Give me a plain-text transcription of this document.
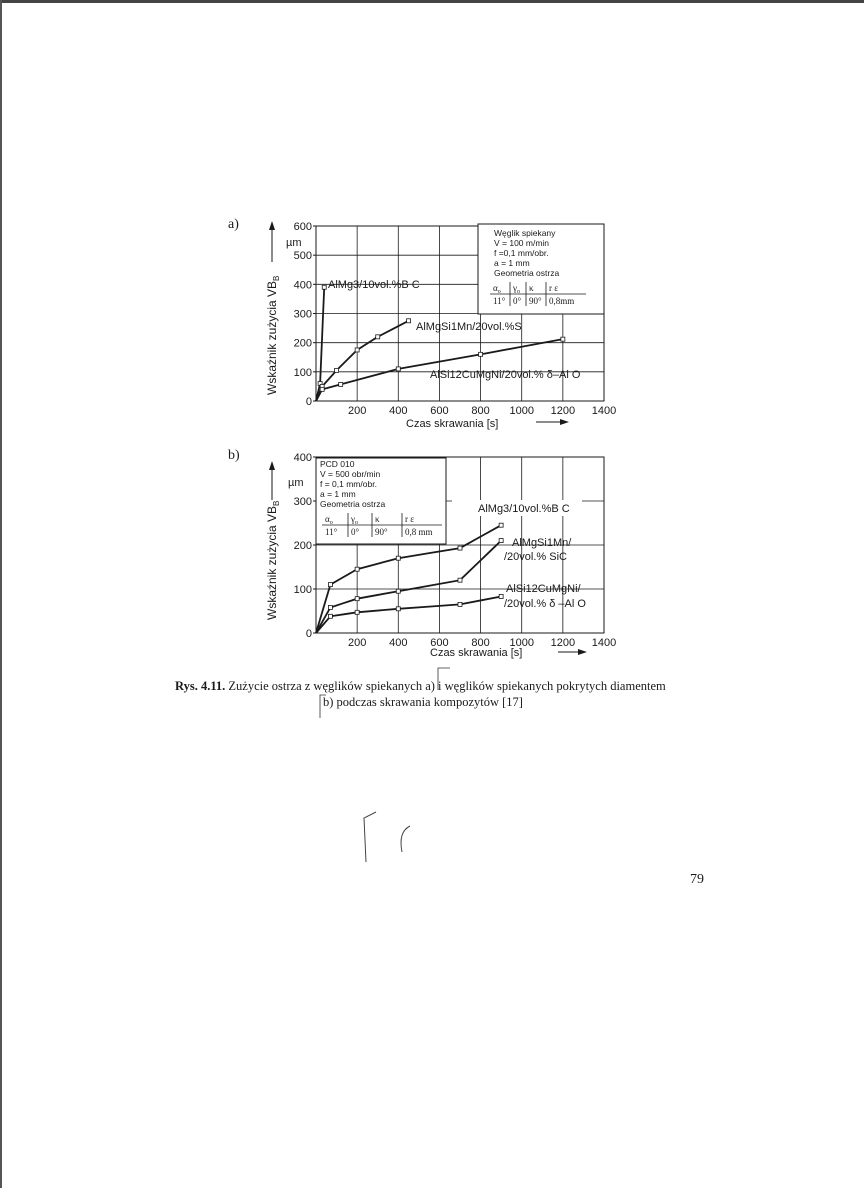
a)
b)
Wskaźnik zużycia $VB_B$
µm
0
100
200
300
400
500
600
200 400 600 800 1000 1200 1400
Węglik spiekany
V = 100 m/min
f =0,1 mm/obr.
a = 1 mm
Geometria ostrza
$\alpha_o$
11°
$\gamma_o$
0°
κ
90°
r ε
0,8mm
AlMg3/10vol.%B C
AlMgSi1Mn/20vol.%S
AlSi12CuMgNi/20vol.% δ–Al O
Czas skrawania [s]
Wskaźnik zużycia $VB_B$
µm
0
100
200
300
400
200 400 600 800 1000 1200 1400
PCD 010
V = 500 obr/min
f = 0,1 mm/obr.
a = 1 mm
Geometria ostrza
$\alpha_o$
11°
$\gamma_o$
0°
κ
90°
r ε
0,8 mm
AlMg3/10vol.%B C
AlMgSi1Mn/
/20vol.% SiC
AlSi12CuMgNi/
/20vol.% δ –Al O
Czas skrawania [s]
Rys. 4.11. Zużycie ostrza z węglików spiekanych a) i węglików spiekanych pokrytych diamentem
b) podczas skrawania kompozytów [17]
79
